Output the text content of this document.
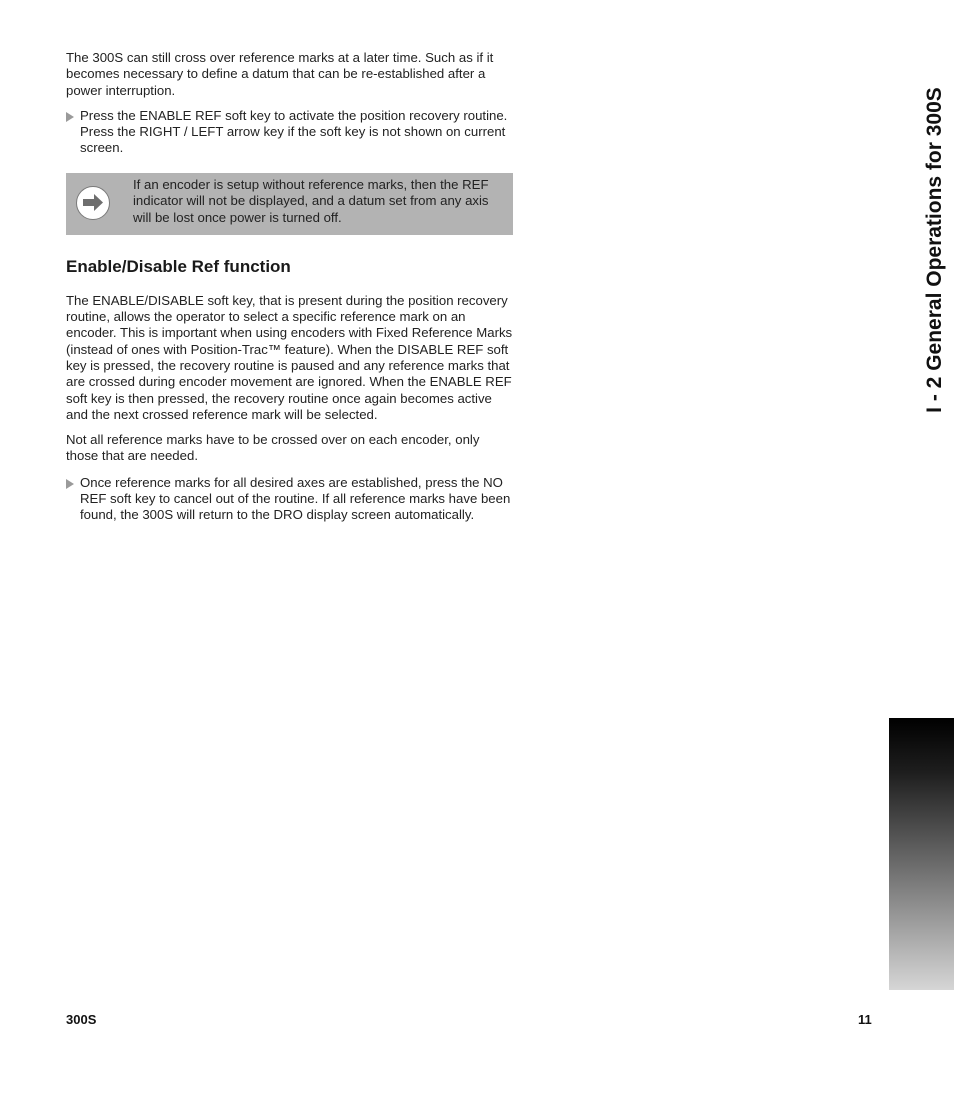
The 300S can still cross over reference marks at a later time. Such as if it becomes necessary to define a datum that can be re-established after a power interruption.

Press the ENABLE REF soft key to activate the position recovery routine. Press the RIGHT / LEFT arrow key if the soft key is not shown on current screen.
If an encoder is setup without reference marks, then the REF indicator will not be displayed, and a datum set from any axis will be lost once power is turned off.
Enable/Disable Ref function

The ENABLE/DISABLE soft key, that is present during the position recovery routine, allows the operator to select a specific reference mark on an encoder. This is important when using encoders with Fixed Reference Marks (instead of ones with Position-Trac™ feature). When the DISABLE REF soft key is pressed, the recovery routine is paused and any reference marks that are crossed during encoder movement are ignored. When the ENABLE REF soft key is then pressed, the recovery routine once again becomes active and the next crossed reference mark will be selected.

Not all reference marks have to be crossed over on each encoder, only those that are needed.

Once reference marks for all desired axes are established, press the NO REF soft key to cancel out of the routine. If all reference marks have been found, the 300S will return to the DRO display screen automatically.
I - 2 General Operations for 300S
300S	11
